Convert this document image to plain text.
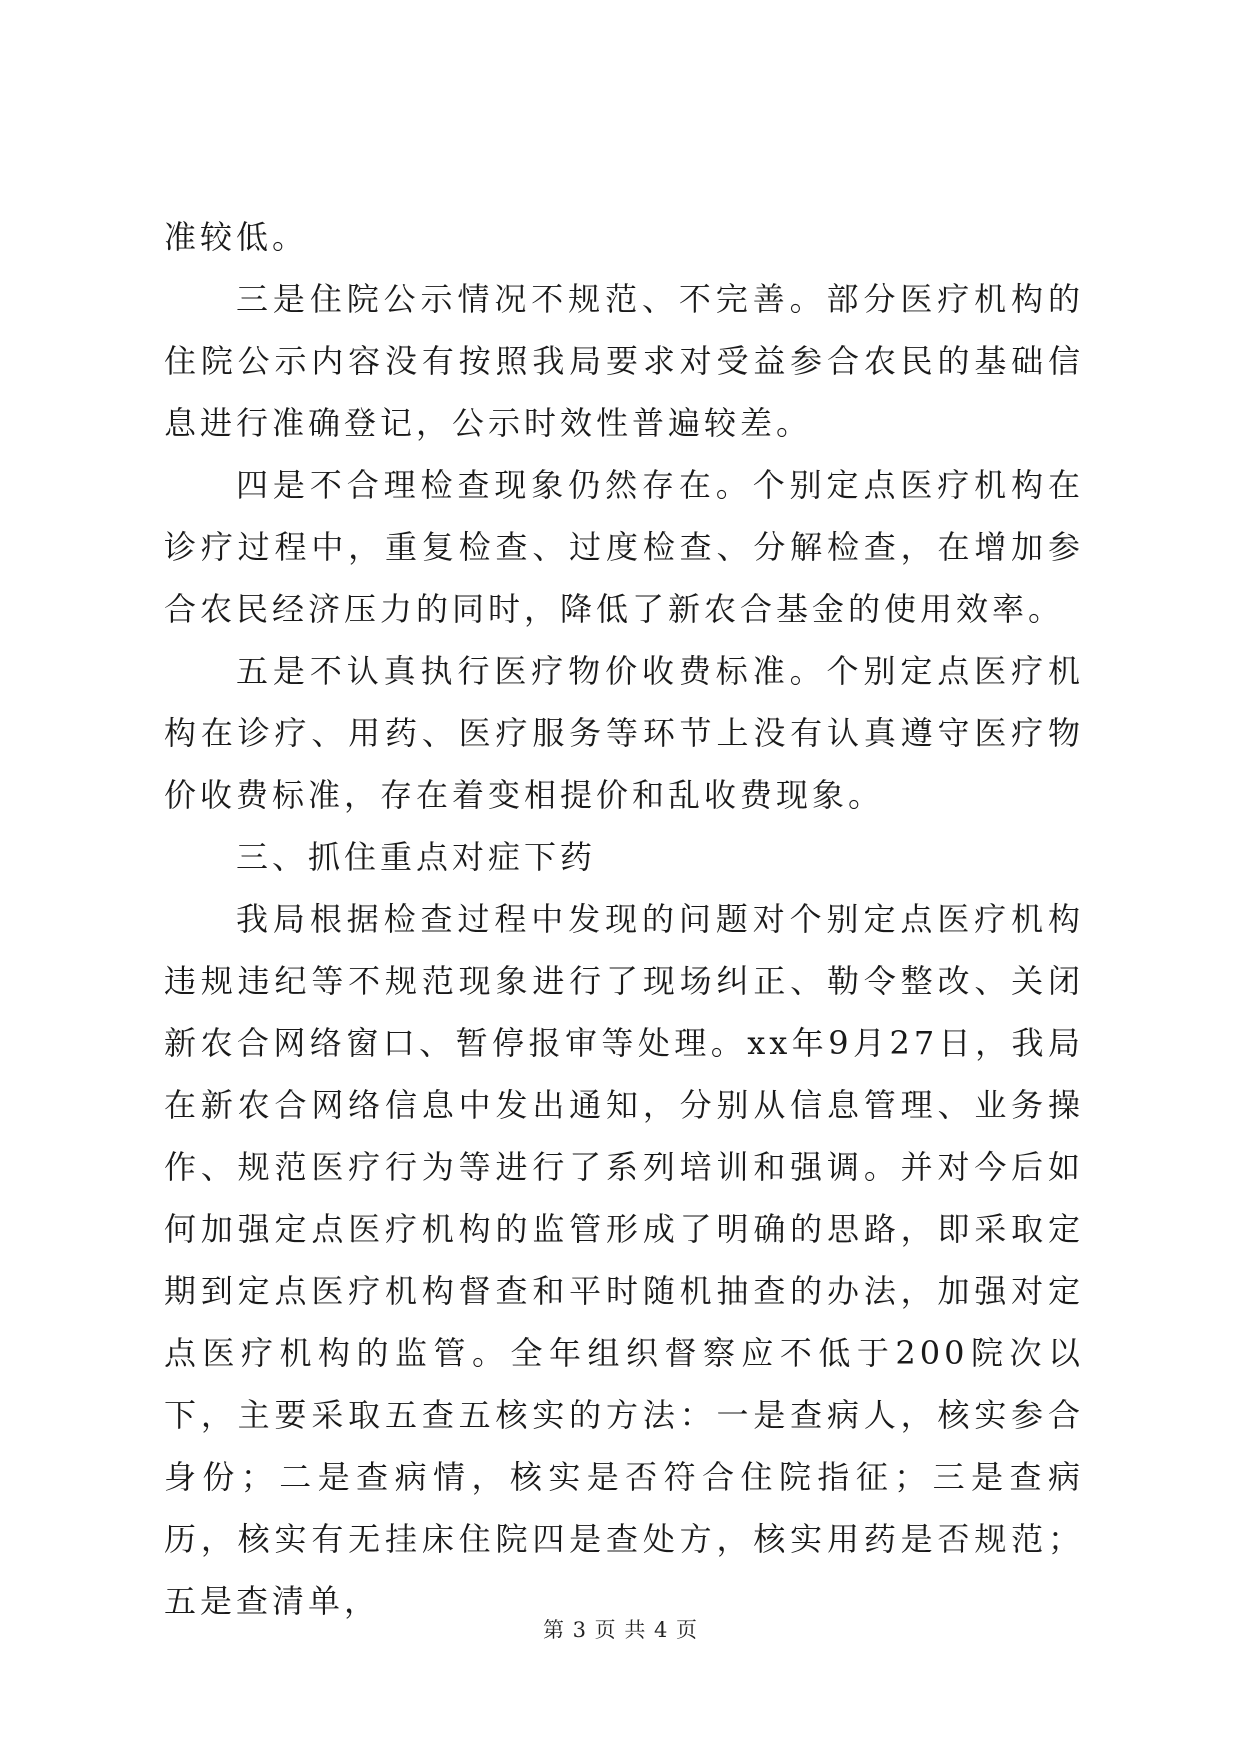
准较低。

三是住院公示情况不规范、不完善。部分医疗机构的住院公示内容没有按照我局要求对受益参合农民的基础信息进行准确登记，公示时效性普遍较差。

四是不合理检查现象仍然存在。个别定点医疗机构在诊疗过程中，重复检查、过度检查、分解检查，在增加参合农民经济压力的同时，降低了新农合基金的使用效率。

五是不认真执行医疗物价收费标准。个别定点医疗机构在诊疗、用药、医疗服务等环节上没有认真遵守医疗物价收费标准，存在着变相提价和乱收费现象。

三、抓住重点对症下药

我局根据检查过程中发现的问题对个别定点医疗机构违规违纪等不规范现象进行了现场纠正、勒令整改、关闭新农合网络窗口、暂停报审等处理。xx年9月27日，我局在新农合网络信息中发出通知，分别从信息管理、业务操作、规范医疗行为等进行了系列培训和强调。并对今后如何加强定点医疗机构的监管形成了明确的思路，即采取定期到定点医疗机构督查和平时随机抽查的办法，加强对定点医疗机构的监管。全年组织督察应不低于200院次以下，主要采取五查五核实的方法：一是查病人，核实参合身份；二是查病情，核实是否符合住院指征；三是查病历，核实有无挂床住院四是查处方，核实用药是否规范；五是查清单，

第 3 页 共 4 页
